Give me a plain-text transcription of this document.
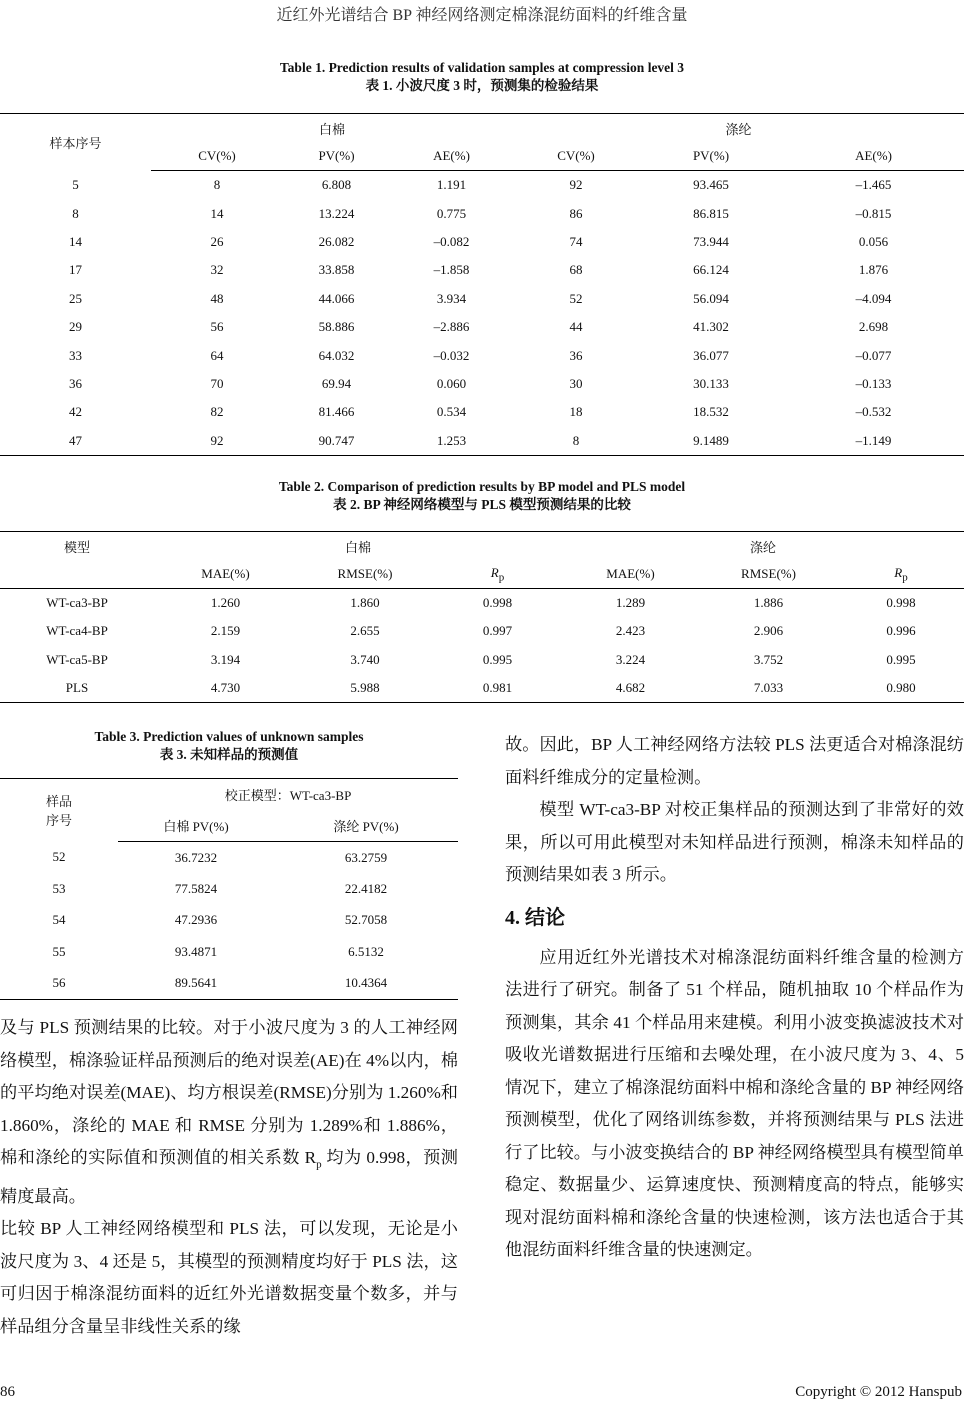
近红外光谱结合 BP 神经网络测定棉涤混纺面料的纤维含量
Table 1. Prediction results of validation samples at compression level 3
表 1. 小波尺度 3 时，预测集的检验结果
样本序号	白棉			涤纶		
	CV(%)	PV(%)	AE(%)	CV(%)	PV(%)	AE(%)
5	8	6.808	1.191	92	93.465	–1.465
8	14	13.224	0.775	86	86.815	–0.815
14	26	26.082	–0.082	74	73.944	0.056
17	32	33.858	–1.858	68	66.124	1.876
25	48	44.066	3.934	52	56.094	–4.094
29	56	58.886	–2.886	44	41.302	2.698
33	64	64.032	–0.032	36	36.077	–0.077
36	70	69.94	0.060	30	30.133	–0.133
42	82	81.466	0.534	18	18.532	–0.532
47	92	90.747	1.253	8	9.1489	–1.149
Table 2. Comparison of prediction results by BP model and PLS model
表 2. BP 神经网络模型与 PLS 模型预测结果的比较
模型	白棉			涤纶		
	MAE(%)	RMSE(%)	$R_p$	MAE(%)	RMSE(%)	$R_p$
WT-ca3-BP	1.260	1.860	0.998	1.289	1.886	0.998
WT-ca4-BP	2.159	2.655	0.997	2.423	2.906	0.996
WT-ca5-BP	3.194	3.740	0.995	3.224	3.752	0.995
PLS	4.730	5.988	0.981	4.682	7.033	0.980
Table 3. Prediction values of unknown samples
表 3. 未知样品的预测值
样品
序号	校正模型：WT-ca3-BP	
	白棉 PV(%)	涤纶 PV(%)
52	36.7232	63.2759
53	77.5824	22.4182
54	47.2936	52.7058
55	93.4871	6.5132
56	89.5641	10.4364

及与 PLS 预测结果的比较。对于小波尺度为 3 的人工神经网络模型，棉涤验证样品预测后的绝对误差(AE)在 4%以内，棉的平均绝对误差(MAE)、均方根误差(RMSE)分别为 1.260%和 1.860%，涤纶的 MAE 和 RMSE 分别为 1.289%和 1.886%，棉和涤纶的实际值和预测值的相关系数 $R_p$ 均为 0.998，预测精度最高。

比较 BP 人工神经网络模型和 PLS 法，可以发现，无论是小波尺度为 3、4 还是 5，其模型的预测精度均好于 PLS 法，这可归因于棉涤混纺面料的近红外光谱数据变量个数多，并与样品组分含量呈非线性关系的缘

故。因此，BP 人工神经网络方法较 PLS 法更适合对棉涤混纺面料纤维成分的定量检测。

模型 WT-ca3-BP 对校正集样品的预测达到了非常好的效果，所以可用此模型对未知样品进行预测，棉涤未知样品的预测结果如表 3 所示。

4. 结论

应用近红外光谱技术对棉涤混纺面料纤维含量的检测方法进行了研究。制备了 51 个样品，随机抽取 10 个样品作为预测集，其余 41 个样品用来建模。利用小波变换滤波技术对吸收光谱数据进行压缩和去噪处理，在小波尺度为 3、4、5 情况下，建立了棉涤混纺面料中棉和涤纶含量的 BP 神经网络预测模型，优化了网络训练参数，并将预测结果与 PLS 法进行了比较。与小波变换结合的 BP 神经网络模型具有模型简单稳定、数据量少、运算速度快、预测精度高的特点，能够实现对混纺面料棉和涤纶含量的快速检测，该方法也适合于其他混纺面料纤维含量的快速测定。

86	Copyright © 2012 Hanspub
